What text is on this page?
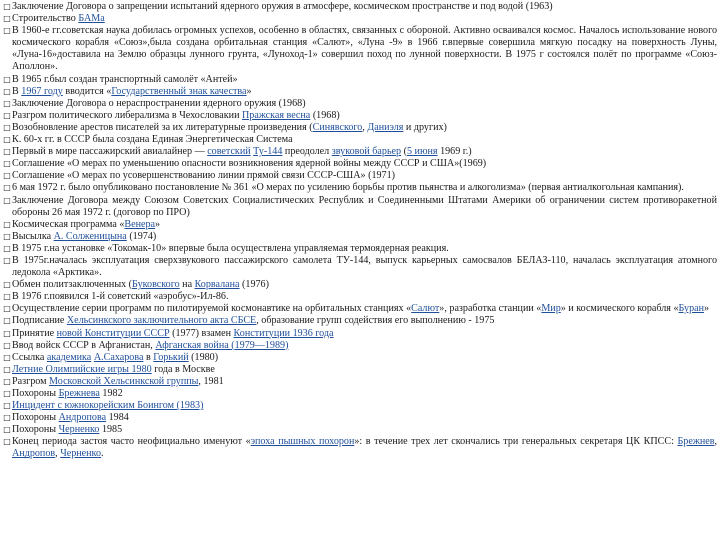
□ Заключение Договора о запрещении испытаний ядерного оружия в атмосфере, космическом пространстве и под водой (1963)
□ Строительство БАМа
□ В 1960-е гг.советская наука добилась огромных успехов, особенно в областях, связанных с обороной. Активно осваивался космос. Началось использование нового космического корабля «Союз»,была создана орбитальная станция «Салют», «Луна -9» в 1966 г.впервые совершила мягкую посадку на поверхность Луны, «Луна-16»доставила на Землю образцы лунного грунта, «Луноход-1» совершил поход по лунной поверхности. В 1975 г состоялся полёт по программе «Союз-Аполлон».
□ В 1965 г.был создан транспортный самолёт «Антей»
□ В 1967 году вводится «Государственный знак качества»
□ Заключение Договора о нераспространении ядерного оружия (1968)
□ Разгром политического либерализма в Чехословакии Пражская весна (1968)
□ Возобновление арестов писателей за их литературные произведения (Синявского, Даниэля и других)
□ К. 60-х гг. в СССР была создана Единая Энергетическая Система
□ Первый в мире пассажирский авиалайнер — советский Ту-144 преодолел звуковой барьер (5 июня 1969 г.)
□ Соглашение «О мерах по уменьшению опасности возникновения ядерной войны между СССР и США»(1969)
□ Соглашение «О мерах по усовершенствованию линии прямой связи СССР-США» (1971)
□ 6 мая 1972 г. было опубликовано постановление № 361 «О мерах по усилению борьбы против пьянства и алкоголизма» (первая антиалкогольная кампания).
□ Заключение Договора между Союзом Советских Социалистических Республик и Соединенными Штатами Америки об ограничении систем противоракетной обороны 26 мая 1972 г. (договор по ПРО)
□ Космическая программа «Венера»
□ Высылка А. Солженицына (1974)
□ В 1975 г.на установке «Токомак-10» впервые была осуществлена управляемая термоядерная реакция.
□ В 1975г.началась эксплуатация сверхзвукового пассажирского самолета ТУ-144, выпуск карьерных самосвалов БЕЛАЗ-110, началась эксплуатация атомного ледокола «Арктика».
□ Обмен политзаключенных (Буковского на Корвалана (1976)
□ В 1976 г.появился 1-й советский «аэробус»-Ил-86.
□ Осуществление серии программ по пилотируемой космонавтике на орбитальных станциях «Салют», разработка станции «Мир» и космического корабля «Буран»
□ Подписание Хельсинкского заключительного акта СБСЕ, образование групп содействия его выполнению - 1975
□ Принятие новой Конституции СССР (1977) взамен Конституции 1936 года
□ Ввод войск СССР в Афганистан, Афганская война (1979—1989)
□ Ссылка академика А.Сахарова в Горький (1980)
□ Летние Олимпийские игры 1980 года в Москве
□ Разгром Московской Хельсинкской группы, 1981
□ Похороны Брежнева 1982
□ Инцидент с южнокорейским Боингом (1983)
□ Похороны Андропова 1984
□ Похороны Черненко 1985
□ Конец периода застоя часто неофициально именуют «эпоха пышных похорон»: в течение трех лет скончались три генеральных секретаря ЦК КПСС: Брежнев, Андропов, Черненко.
